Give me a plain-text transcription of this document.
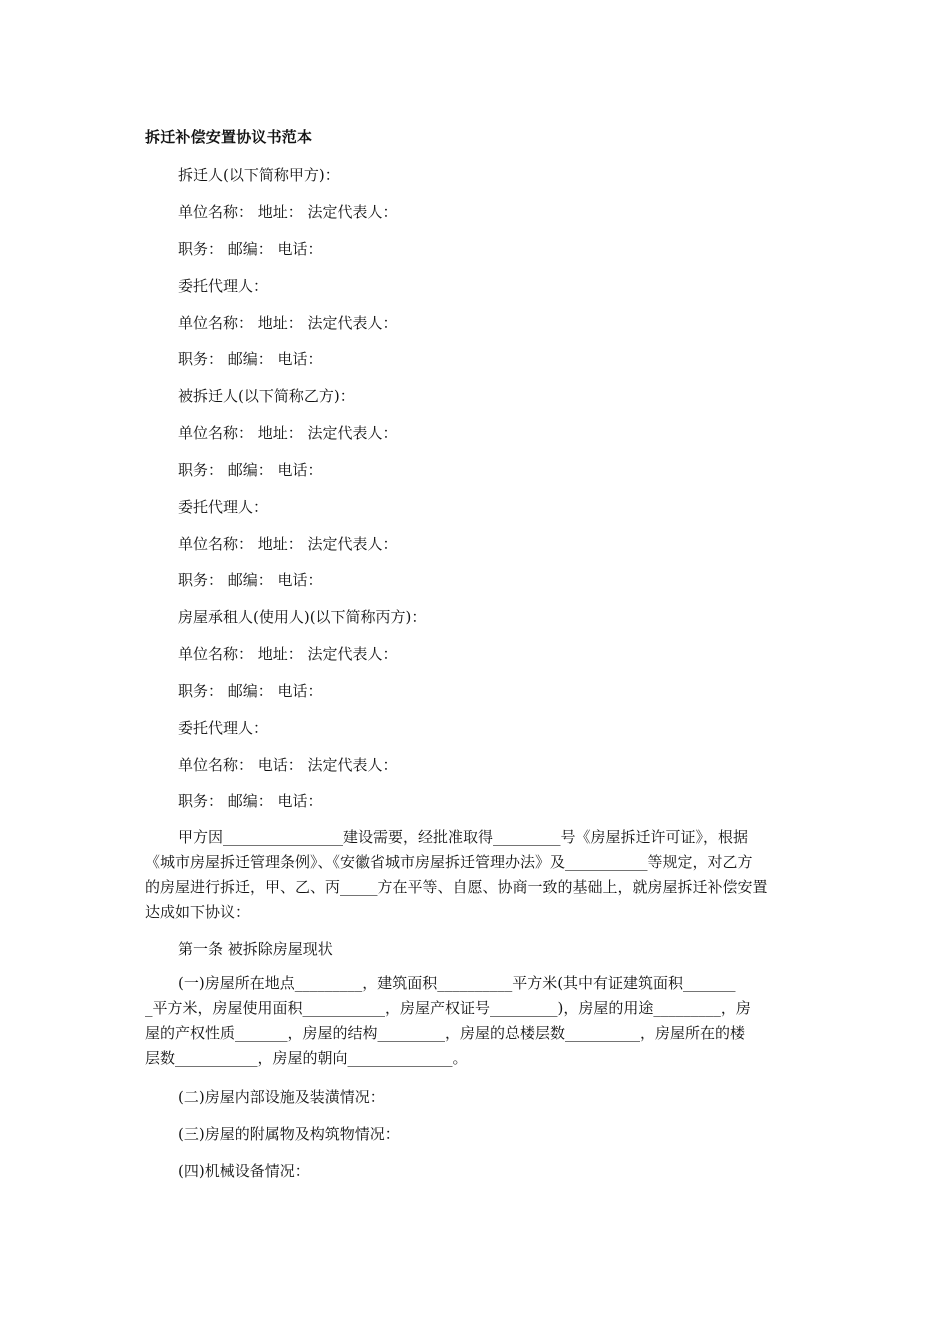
拆迁补偿安置协议书范本
拆迁人(以下简称甲方)：
单位名称： 地址： 法定代表人：
职务： 邮编： 电话：
委托代理人：
单位名称： 地址： 法定代表人：
职务： 邮编： 电话：
被拆迁人(以下简称乙方)：
单位名称： 地址： 法定代表人：
职务： 邮编： 电话：
委托代理人：
单位名称： 地址： 法定代表人：
职务： 邮编： 电话：
房屋承租人(使用人)(以下简称丙方)：
单位名称： 地址： 法定代表人：
职务： 邮编： 电话：
委托代理人：
单位名称： 电话： 法定代表人：
职务： 邮编： 电话：
甲方因________________建设需要，经批准取得_________号《房屋拆迁许可证》，根据
《城市房屋拆迁管理条例》、《安徽省城市房屋拆迁管理办法》及___________等规定，对乙方
的房屋进行拆迁，甲、乙、丙_____方在平等、自愿、协商一致的基础上，就房屋拆迁补偿安置
达成如下协议：
第一条 被拆除房屋现状
(一)房屋所在地点_________，建筑面积__________平方米(其中有证建筑面积_______
_平方米，房屋使用面积___________，房屋产权证号_________)，房屋的用途_________，房
屋的产权性质_______，房屋的结构_________，房屋的总楼层数__________，房屋所在的楼
层数___________，房屋的朝向______________。
(二)房屋内部设施及装潢情况：
(三)房屋的附属物及构筑物情况：
(四)机械设备情况：
